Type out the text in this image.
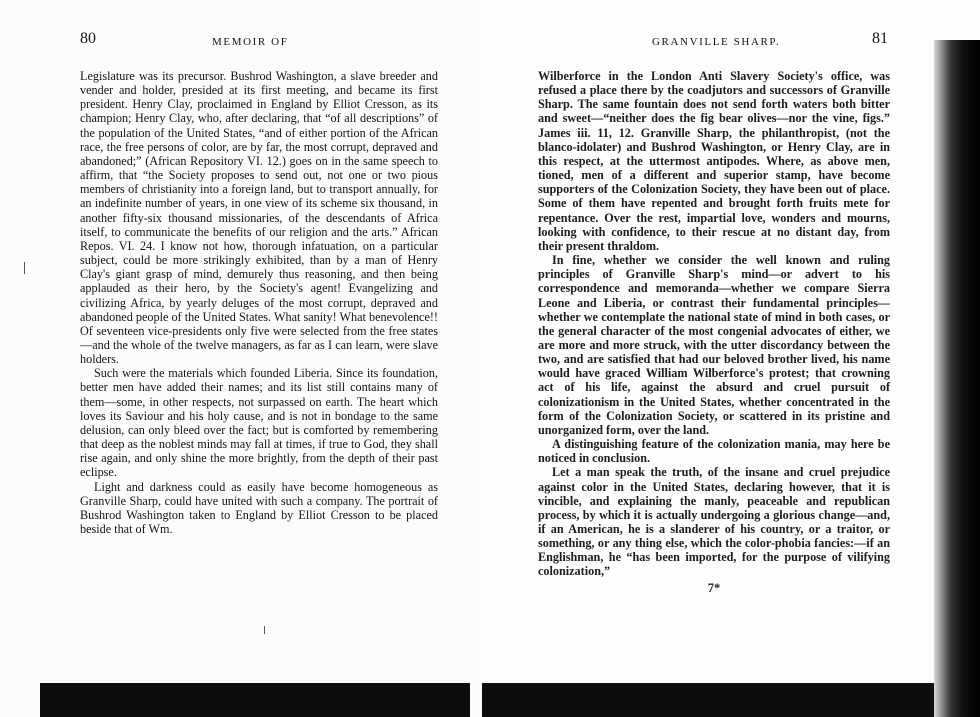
80	MEMOIR OF

Legislature was its precursor. Bushrod Washington, a slave breeder and vender and holder, presided at its first meeting, and became its first president. Henry Clay, proclaimed in England by Elliot Cresson, as its champion; Henry Clay, who, after declaring, that “of all descriptions” of the population of the United States, “and of either portion of the African race, the free persons of color, are by far, the most corrupt, depraved and abandoned;” (African Repository VI. 12.) goes on in the same speech to affirm, that “the Society proposes to send out, not one or two pious members of christianity into a foreign land, but to transport annually, for an indefinite number of years, in one view of its scheme six thousand, in another fifty-six thousand missionaries, of the descendants of Africa itself, to communicate the benefits of our religion and the arts.” African Repos. VI. 24. I know not how, thorough infatuation, on a particular subject, could be more strikingly exhibited, than by a man of Henry Clay's giant grasp of mind, demurely thus reasoning, and then being applauded as their hero, by the Society's agent! Evangelizing and civilizing Africa, by yearly deluges of the most corrupt, depraved and abandoned people of the United States. What sanity! What benevolence!! Of seventeen vice-presidents only five were selected from the free states—and the whole of the twelve managers, as far as I can learn, were slave holders.

Such were the materials which founded Liberia. Since its foundation, better men have added their names; and its list still contains many of them—some, in other respects, not surpassed on earth. The heart which loves its Saviour and his holy cause, and is not in bondage to the same delusion, can only bleed over the fact; but is comforted by remembering that deep as the noblest minds may fall at times, if true to God, they shall rise again, and only shine the more brightly, from the depth of their past eclipse.

Light and darkness could as easily have become homogeneous as Granville Sharp, could have united with such a company. The portrait of Bushrod Washington taken to England by Elliot Cresson to be placed beside that of Wm.

81
GRANVILLE SHARP.

Wilberforce in the London Anti Slavery Society's office, was refused a place there by the coadjutors and successors of Granville Sharp. The same fountain does not send forth waters both bitter and sweet—“neither does the fig bear olives—nor the vine, figs.” James iii. 11, 12. Granville Sharp, the philanthropist, (not the blanco-idolater) and Bushrod Washington, or Henry Clay, are in this respect, at the uttermost antipodes. Where, as above men, tioned, men of a different and superior stamp, have become supporters of the Colonization Society, they have been out of place. Some of them have repented and brought forth fruits mete for repentance. Over the rest, impartial love, wonders and mourns, looking with confidence, to their rescue at no distant day, from their present thraldom.

In fine, whether we consider the well known and ruling principles of Granville Sharp's mind—or advert to his correspondence and memoranda—whether we compare Sierra Leone and Liberia, or contrast their fundamental principles—whether we contemplate the national state of mind in both cases, or the general character of the most congenial advocates of either, we are more and more struck, with the utter discordancy between the two, and are satisfied that had our beloved brother lived, his name would have graced William Wilberforce's protest; that crowning act of his life, against the absurd and cruel pursuit of colonizationism in the United States, whether concentrated in the form of the Colonization Society, or scattered in its pristine and unorganized form, over the land.

A distinguishing feature of the colonization mania, may here be noticed in conclusion.

Let a man speak the truth, of the insane and cruel prejudice against color in the United States, declaring however, that it is vincible, and explaining the manly, peaceable and republican process, by which it is actually undergoing a glorious change—and, if an American, he is a slanderer of his country, or a traitor, or something, or any thing else, which the color-phobia fancies:—if an Englishman, he “has been imported, for the purpose of vilifying colonization,”

7*
